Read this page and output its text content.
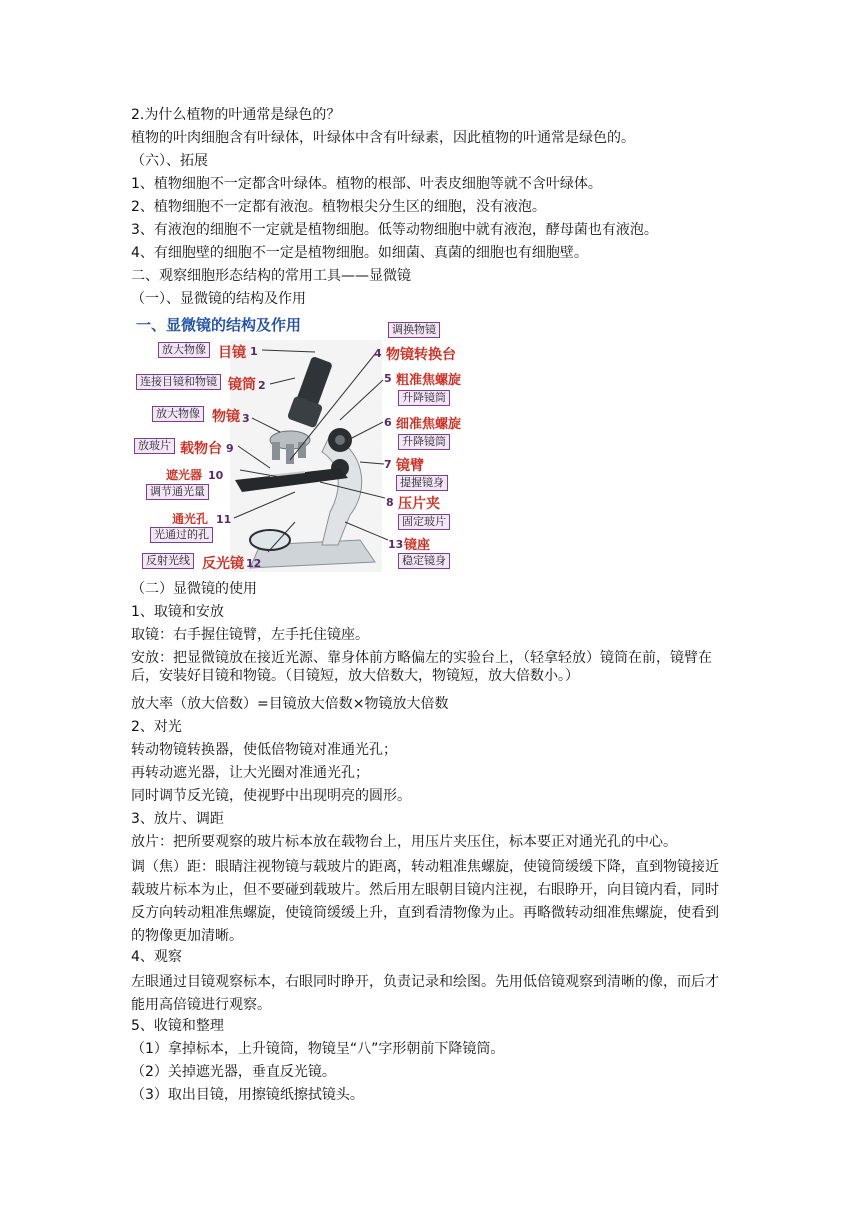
2.为什么植物的叶通常是绿色的？
植物的叶肉细胞含有叶绿体，叶绿体中含有叶绿素，因此植物的叶通常是绿色的。
（六）、拓展
1、植物细胞不一定都含叶绿体。植物的根部、叶表皮细胞等就不含叶绿体。
2、植物细胞不一定都有液泡。植物根尖分生区的细胞，没有液泡。
3、有液泡的细胞不一定就是植物细胞。低等动物细胞中就有液泡，酵母菌也有液泡。
4、有细胞壁的细胞不一定是植物细胞。如细菌、真菌的细胞也有细胞壁。
二、观察细胞形态结构的常用工具——显微镜
（一）、显微镜的结构及作用
一、显微镜的结构及作用
放大物像 目镜 1
连接目镜和物镜 镜筒 2
放大物像 物镜 3
放玻片 载物台 9
遮光器 10
调节通光量
通光孔 11
光通过的孔
反射光线 反光镜 12
调换物镜
4 物镜转换台
5 粗准焦螺旋
升降镜筒
6 细准焦螺旋
升降镜筒
7 镜臂
提握镜身
8 压片夹
固定玻片
13 镜座
稳定镜身
（二）显微镜的使用
1、取镜和安放
取镜：右手握住镜臂，左手托住镜座。
安放：把显微镜放在接近光源、靠身体前方略偏左的实验台上，（轻拿轻放）镜筒在前，镜臂在后，安装好目镜和物镜。（目镜短，放大倍数大，物镜短，放大倍数小。）
放大率（放大倍数）=目镜放大倍数×物镜放大倍数
2、对光
转动物镜转换器，使低倍物镜对准通光孔；
再转动遮光器，让大光圈对准通光孔；
同时调节反光镜，使视野中出现明亮的圆形。
3、放片、调距
放片：把所要观察的玻片标本放在载物台上，用压片夹压住，标本要正对通光孔的中心。
调（焦）距：眼睛注视物镜与载玻片的距离，转动粗准焦螺旋，使镜筒缓缓下降，直到物镜接近载玻片标本为止，但不要碰到载玻片。然后用左眼朝目镜内注视，右眼睁开，向目镜内看，同时反方向转动粗准焦螺旋，使镜筒缓缓上升，直到看清物像为止。再略微转动细准焦螺旋，使看到的物像更加清晰。
4、观察
左眼通过目镜观察标本，右眼同时睁开，负责记录和绘图。先用低倍镜观察到清晰的像，而后才能用高倍镜进行观察。
5、收镜和整理
（1）拿掉标本，上升镜筒，物镜呈“八”字形朝前下降镜筒。
（2）关掉遮光器，垂直反光镜。
（3）取出目镜，用擦镜纸擦拭镜头。
